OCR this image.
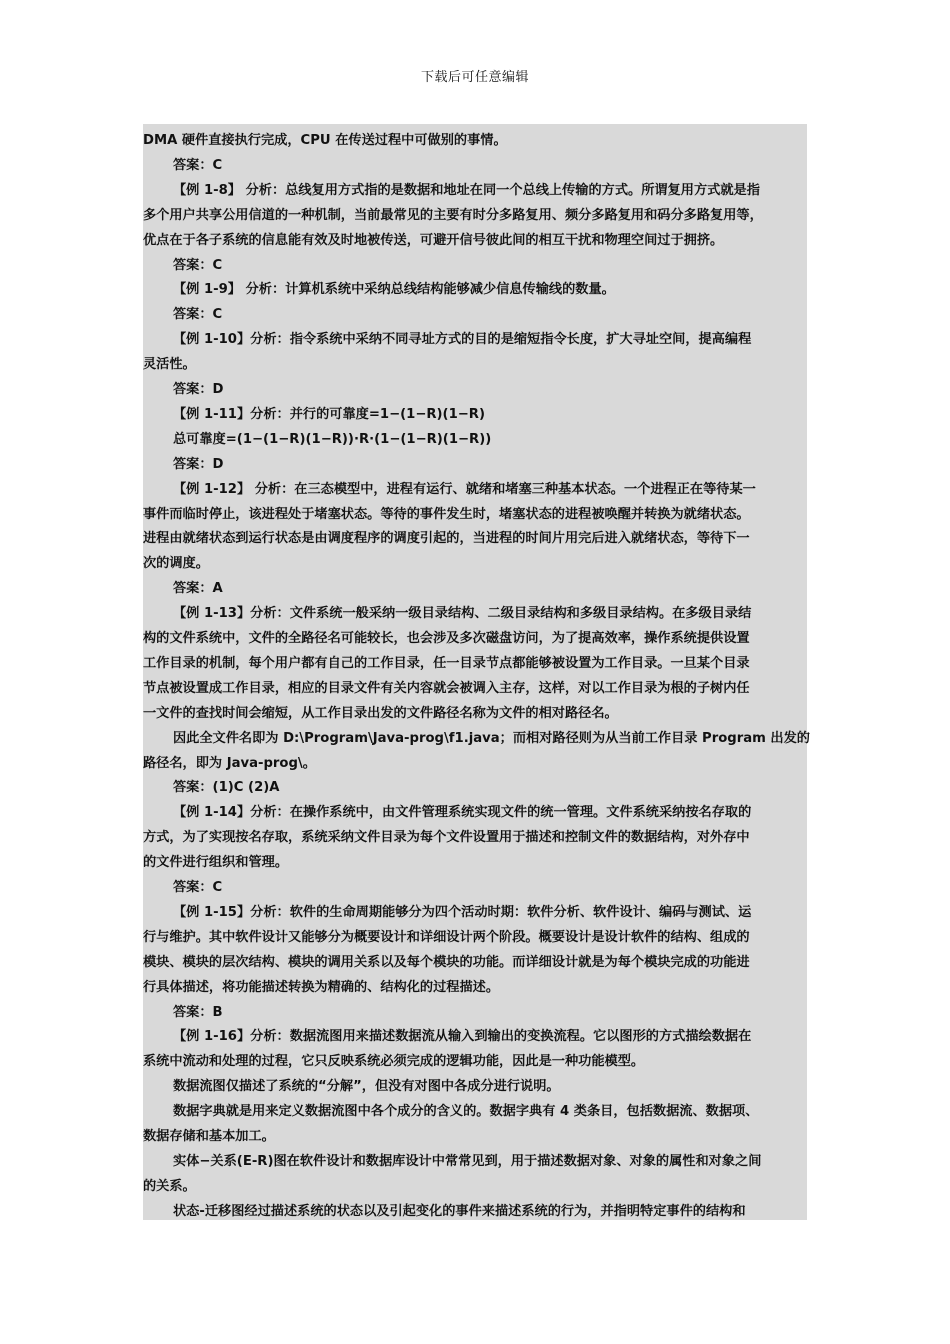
下载后可任意编辑
DMA 硬件直接执行完成，CPU 在传送过程中可做别的事情。
答案：C
【例 1-8】 分析：总线复用方式指的是数据和地址在同一个总线上传输的方式。所谓复用方式就是指
多个用户共享公用信道的一种机制，当前最常见的主要有时分多路复用、频分多路复用和码分多路复用等，
优点在于各子系统的信息能有效及时地被传送，可避开信号彼此间的相互干扰和物理空间过于拥挤。
答案：C
【例 1-9】 分析：计算机系统中采纳总线结构能够减少信息传输线的数量。
答案：C
【例 1-10】分析：指令系统中采纳不同寻址方式的目的是缩短指令长度，扩大寻址空间，提高编程
灵活性。
答案：D
【例 1-11】分析：并行的可靠度=1−(1−R)(1−R)
总可靠度=(1−(1−R)(1−R))·R·(1−(1−R)(1−R))
答案：D
【例 1-12】 分析：在三态模型中，进程有运行、就绪和堵塞三种基本状态。一个进程正在等待某一
事件而临时停止，该进程处于堵塞状态。等待的事件发生时，堵塞状态的进程被唤醒并转换为就绪状态。
进程由就绪状态到运行状态是由调度程序的调度引起的，当进程的时间片用完后进入就绪状态，等待下一
次的调度。
答案：A
【例 1-13】分析：文件系统一般采纳一级目录结构、二级目录结构和多级目录结构。在多级目录结
构的文件系统中，文件的全路径名可能较长，也会涉及多次磁盘访问，为了提高效率，操作系统提供设置
工作目录的机制，每个用户都有自己的工作目录，任一目录节点都能够被设置为工作目录。一旦某个目录
节点被设置成工作目录，相应的目录文件有关内容就会被调入主存，这样，对以工作目录为根的子树内任
一文件的查找时间会缩短，从工作目录出发的文件路径名称为文件的相对路径名。
因此全文件名即为 D:\Program\Java-prog\f1.java；而相对路径则为从当前工作目录 Program 出发的
路径名，即为 Java-prog\。
答案：(1)C (2)A
【例 1-14】分析：在操作系统中，由文件管理系统实现文件的统一管理。文件系统采纳按名存取的
方式，为了实现按名存取，系统采纳文件目录为每个文件设置用于描述和控制文件的数据结构，对外存中
的文件进行组织和管理。
答案：C
【例 1-15】分析：软件的生命周期能够分为四个活动时期：软件分析、软件设计、编码与测试、运
行与维护。其中软件设计又能够分为概要设计和详细设计两个阶段。概要设计是设计软件的结构、组成的
模块、模块的层次结构、模块的调用关系以及每个模块的功能。而详细设计就是为每个模块完成的功能进
行具体描述，将功能描述转换为精确的、结构化的过程描述。
答案：B
【例 1-16】分析：数据流图用来描述数据流从输入到输出的变换流程。它以图形的方式描绘数据在
系统中流动和处理的过程，它只反映系统必须完成的逻辑功能，因此是一种功能模型。
数据流图仅描述了系统的“分解”，但没有对图中各成分进行说明。
数据字典就是用来定义数据流图中各个成分的含义的。数据字典有 4 类条目，包括数据流、数据项、
数据存储和基本加工。
实体−关系(E-R)图在软件设计和数据库设计中常常见到，用于描述数据对象、对象的属性和对象之间
的关系。
状态-迁移图经过描述系统的状态以及引起变化的事件来描述系统的行为，并指明特定事件的结构和
